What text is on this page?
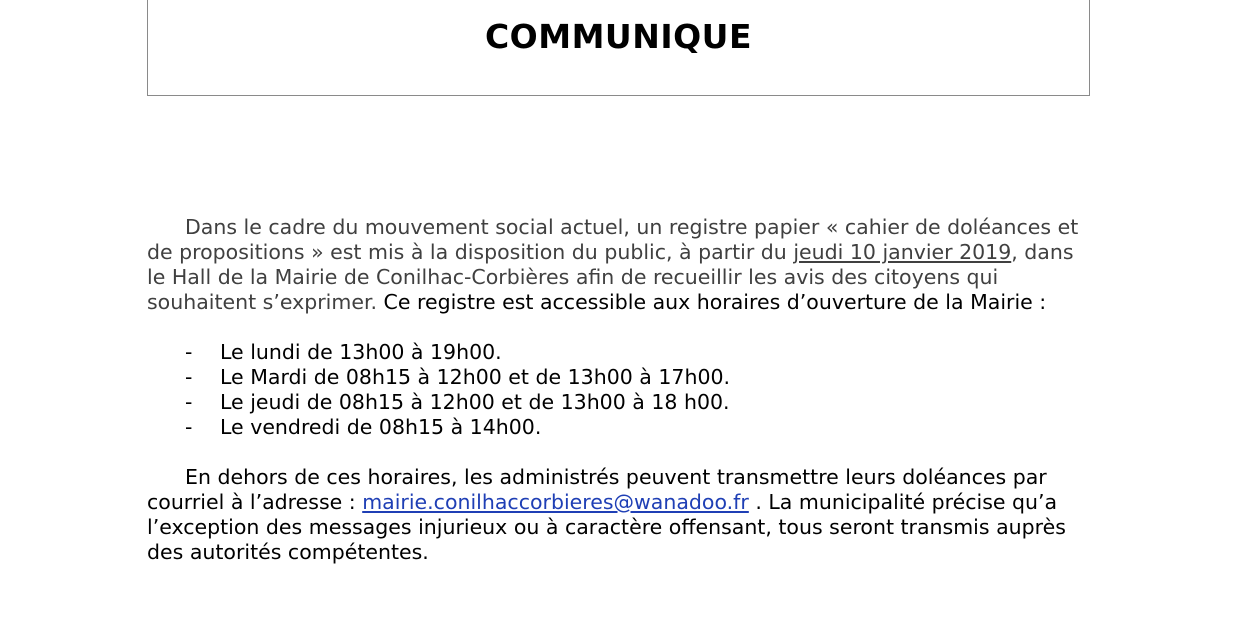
COMMUNIQUE

Dans le cadre du mouvement social actuel, un registre papier « cahier de doléances et de propositions » est mis à la disposition du public, à partir du jeudi 10 janvier 2019, dans le Hall de la Mairie de Conilhac-Corbières afin de recueillir les avis des citoyens qui souhaitent s’exprimer. Ce registre est accessible aux horaires d’ouverture de la Mairie :

- Le lundi de 13h00 à 19h00.
- Le Mardi de 08h15 à 12h00 et de 13h00 à 17h00.
- Le jeudi de 08h15 à 12h00 et de 13h00 à 18 h00.
- Le vendredi de 08h15 à 14h00.

En dehors de ces horaires, les administrés peuvent transmettre leurs doléances par courriel à l’adresse : mairie.conilhaccorbieres@wanadoo.fr . La municipalité précise qu’a l’exception des messages injurieux ou à caractère offensant, tous seront transmis auprès des autorités compétentes.
